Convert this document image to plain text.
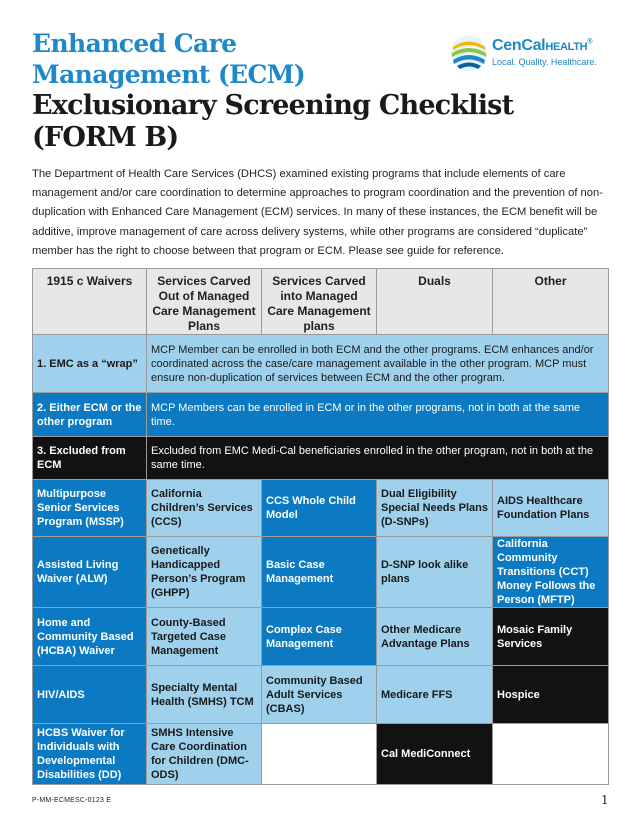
Enhanced Care
Management (ECM)
Exclusionary Screening Checklist
(FORM B)
CenCalHEALTH®
Local. Quality. Healthcare.

The Department of Health Care Services (DHCS) examined existing programs that include elements of care management and/or care coordination to determine approaches to program coordination and the prevention of non-duplication with Enhanced Care Management (ECM) services. In many of these instances, the ECM benefit will be additive, improve management of care across delivery systems, while other programs are considered “duplicate” member has the right to choose between that program or ECM. Please see guide for reference.

1915 c Waivers	Services Carved Out of Managed Care Management Plans	Services Carved into Managed Care Management plans	Duals	Other
1. EMC as a “wrap”	MCP Member can be enrolled in both ECM and the other programs. ECM enhances and/or coordinated across the case/care management available in the other program. MCP must ensure non-duplication of services between ECM and the other program.			
2. Either ECM or the other program	MCP Members can be enrolled in ECM or in the other programs, not in both at the same time.			
3. Excluded from ECM	Excluded from EMC Medi-Cal beneficiaries enrolled in the other program, not in both at the same time.			
Multipurpose Senior Services Program (MSSP)	California Children’s Services (CCS)	CCS Whole Child Model	Dual Eligibility Special Needs Plans (D-SNPs)	AIDS Healthcare Foundation Plans
Assisted Living Waiver (ALW)	Genetically Handicapped Person’s Program (GHPP)	Basic Case Management	D-SNP look alike plans	California Community Transitions (CCT) Money Follows the Person (MFTP)
Home and Community Based (HCBA) Waiver	County-Based Targeted Case Management	Complex Case Management	Other Medicare Advantage Plans	Mosaic Family Services
HIV/AIDS	Specialty Mental Health (SMHS) TCM	Community Based Adult Services (CBAS)	Medicare FFS	Hospice
HCBS Waiver for Individuals with Developmental Disabilities (DD)	SMHS Intensive Care Coordination for Children (DMC-ODS)		Cal MediConnect	
P-MM-ECMESC-0123 E	1
